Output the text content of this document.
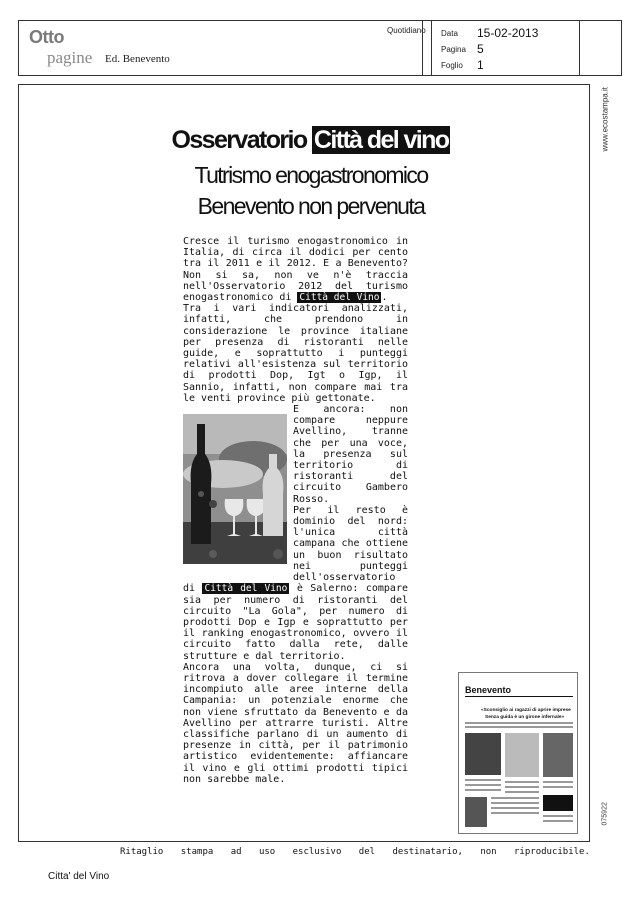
Otto
pagine Ed. Benevento
Quotidiano Data 15-02-2013
Pagina 5
Foglio 1
www.ecostampa.it
075922
Osservatorio Città del vino
Tutrismo enogastronomico
Benevento non pervenuta

Cresce il turismo enogastronomico in Italia, di circa il dodici per cento tra il 2011 e il 2012. E a Benevento? Non si sa, non ve n'è traccia nell'Osservatorio 2012 del turismo enogastronomico di Città del Vino .

Tra i vari indicatori analizzati, infatti, che prendono in considerazione le province italiane per presenza di ristoranti nelle guide, e soprattutto i punteggi relativi all'esistenza sul territorio di prodotti Dop, Igt o Igp, il Sannio, infatti, non compare mai tra le venti province più gettonate.

E ancora: non compare neppure Avellino, tranne che per una voce, la presenza sul territorio di ristoranti del circuito Gambero Rosso.

Per il resto è dominio del nord: l'unica città campana che ottiene un buon risultato nei punteggi dell'osservatorio di Città del Vino è Salerno: compare sia per numero di ristoranti del circuito "La Gola", per numero di prodotti Dop e Igp e soprattutto per il ranking enogastronomico, ovvero il circuito fatto dalla rete, dalle strutture e dal territorio.

Ancora una volta, dunque, ci si ritrova a dover collegare il termine incompiuto alle aree interne della Campania: un potenziale enorme che non viene sfruttato da Benevento e da Avellino per attrarre turisti. Altre classifiche parlano di un aumento di presenze in città, per il patrimonio artistico evidentemente: affiancare il vino e gli ottimi prodotti tipici non sarebbe male.

Benevento
«Sconsiglio ai ragazzi di aprire imprese
Senza guida è un girone infernale»
Ritaglio stampa ad uso esclusivo del destinatario, non riproducibile.
Citta' del Vino
